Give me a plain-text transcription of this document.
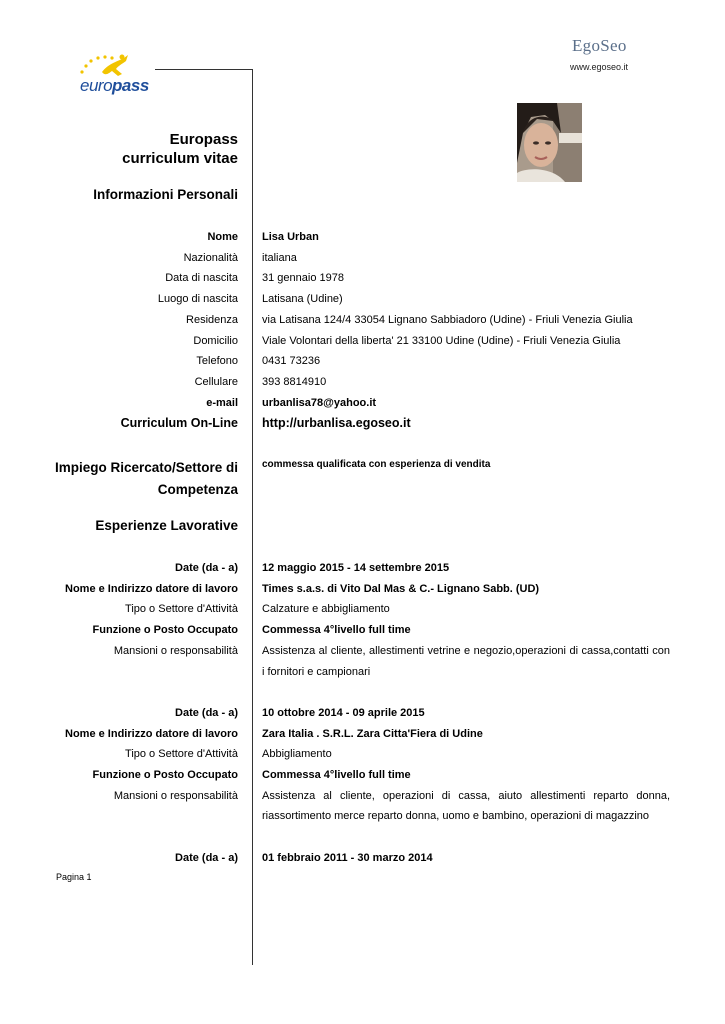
europass
EgoSeo
www.egoseo.it
Europass
curriculum vitae
Informazioni Personali
Nome Lisa Urban
Nazionalità italiana
Data di nascita 31 gennaio 1978
Luogo di nascita Latisana (Udine)
Residenza via Latisana 124/4 33054 Lignano Sabbiadoro (Udine) - Friuli Venezia Giulia
Domicilio Viale Volontari della liberta' 21 33100 Udine (Udine) - Friuli Venezia Giulia
Telefono 0431 73236
Cellulare 393 8814910
e-mail urbanlisa78@yahoo.it
Curriculum On-Line http://urbanlisa.egoseo.it
Impiego Ricercato/Settore di
Competenza
commessa qualificata con esperienza di vendita
Esperienze Lavorative
Date (da - a) 12 maggio 2015 - 14 settembre 2015
Nome e Indirizzo datore di lavoro Times s.a.s. di Vito Dal Mas & C.- Lignano Sabb. (UD)
Tipo o Settore d'Attività Calzature e abbigliamento
Funzione o Posto Occupato Commessa 4°livello full time
Mansioni o responsabilità Assistenza al cliente, allestimenti vetrine e negozio,operazioni di cassa,contatti con
i fornitori e campionari
Date (da - a) 10 ottobre 2014 - 09 aprile 2015
Nome e Indirizzo datore di lavoro Zara Italia . S.R.L. Zara Citta'Fiera di Udine
Tipo o Settore d'Attività Abbigliamento
Funzione o Posto Occupato Commessa 4°livello full time
Mansioni o responsabilità Assistenza al cliente, operazioni di cassa, aiuto allestimenti reparto donna,
riassortimento merce reparto donna, uomo e bambino, operazioni di magazzino
Date (da - a) 01 febbraio 2011 - 30 marzo 2014
Pagina 1
